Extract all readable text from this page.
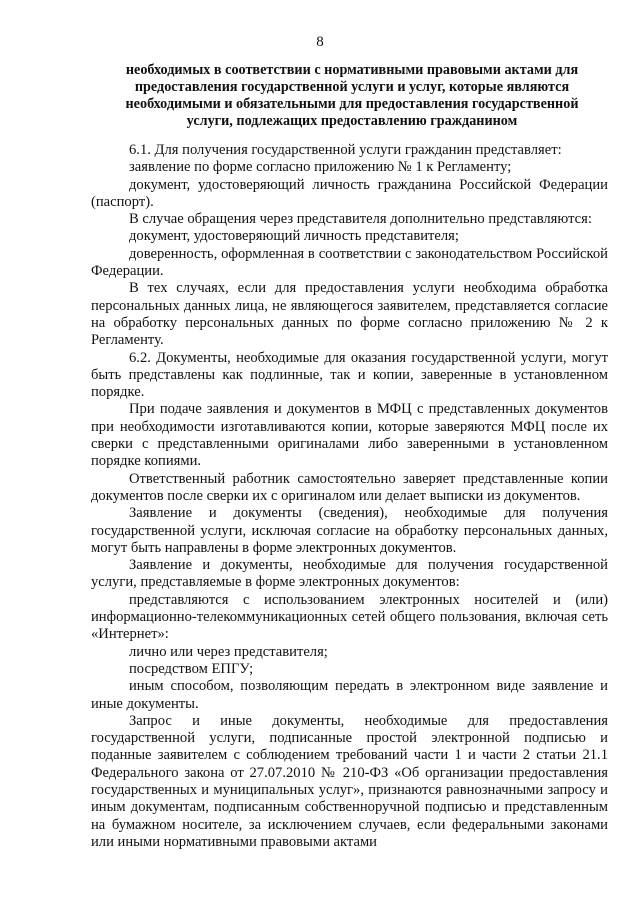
8
необходимых в соответствии с нормативными правовыми актами для
предоставления государственной услуги и услуг, которые являются
необходимыми и обязательными для предоставления государственной
услуги, подлежащих предоставлению гражданином

6.1. Для получения государственной услуги гражданин представляет:

заявление по форме согласно приложению № 1 к Регламенту;

документ, удостоверяющий личность гражданина Российской Федерации (паспорт).

В случае обращения через представителя дополнительно представляются:

документ, удостоверяющий личность представителя;

доверенность, оформленная в соответствии с законодательством Российской Федерации.

В тех случаях, если для предоставления услуги необходима обработка персональных данных лица, не являющегося заявителем, представляется согласие на обработку персональных данных по форме согласно приложению № 2 к Регламенту.

6.2. Документы, необходимые для оказания государственной услуги, могут быть представлены как подлинные, так и копии, заверенные в установленном порядке.

При подаче заявления и документов в МФЦ с представленных документов при необходимости изготавливаются копии, которые заверяются МФЦ после их сверки с представленными оригиналами либо заверенными в установленном порядке копиями.

Ответственный работник самостоятельно заверяет представленные копии документов после сверки их с оригиналом или делает выписки из документов.

Заявление и документы (сведения), необходимые для получения государственной услуги, исключая согласие на обработку персональных данных, могут быть направлены в форме электронных документов.

Заявление и документы, необходимые для получения государственной услуги, представляемые в форме электронных документов:

представляются с использованием электронных носителей и (или) информационно-телекоммуникационных сетей общего пользования, включая сеть «Интернет»:

лично или через представителя;

посредством ЕПГУ;

иным способом, позволяющим передать в электронном виде заявление и иные документы.

Запрос и иные документы, необходимые для предоставления государственной услуги, подписанные простой электронной подписью и поданные заявителем с соблюдением требований части 1 и части 2 статьи 21.1 Федерального закона от 27.07.2010 № 210-ФЗ «Об организации предоставления государственных и муниципальных услуг», признаются равнозначными запросу и иным документам, подписанным собственноручной подписью и представленным на бумажном носителе, за исключением случаев, если федеральными законами или иными нормативными правовыми актами
